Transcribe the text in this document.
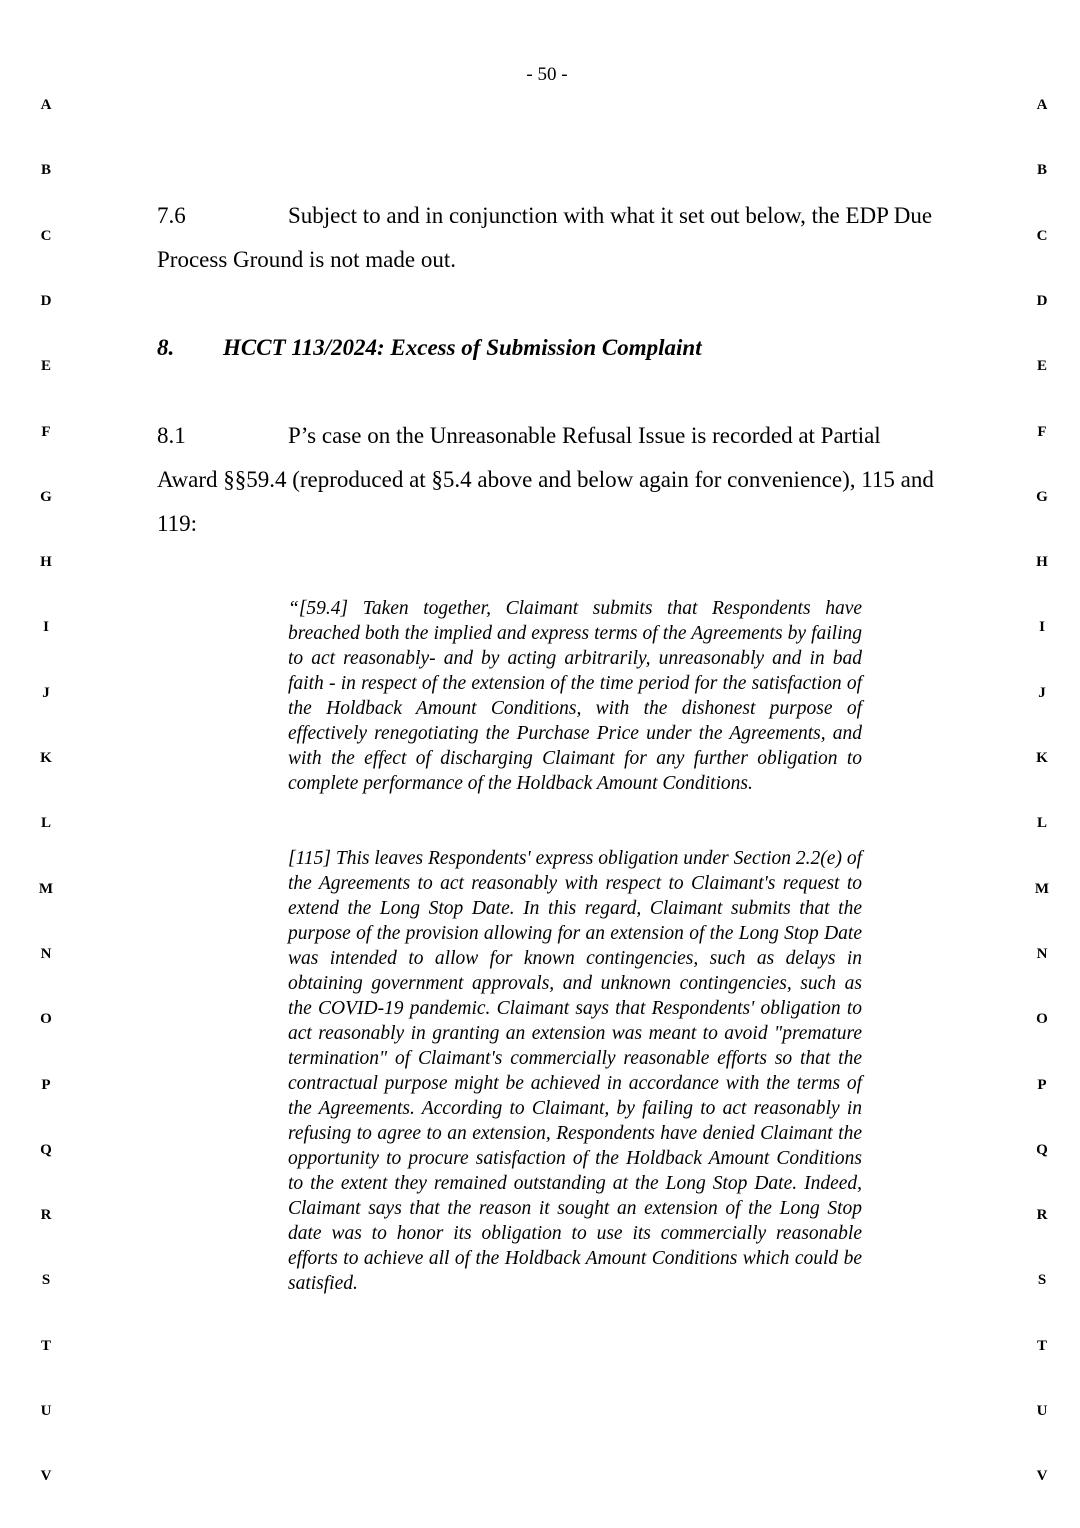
- 50 -

A
B
C
D
E
F
G
H
I
J
K
L
M
N
O
P
Q
R
S
T
U
V
A
B
C
D
E
F
G
H
I
J
K
L
M
N
O
P
Q
R
S
T
U
V

7.6	Subject to and in conjunction with what it set out below, the EDP Due Process Ground is not made out.

8. HCCT 113/2024: Excess of Submission Complaint

8.1	P’s case on the Unreasonable Refusal Issue is recorded at Partial Award §§59.4 (reproduced at §5.4 above and below again for convenience), 115 and 119:

“[59.4] Taken together, Claimant submits that Respondents have breached both the implied and express terms of the Agreements by failing to act reasonably- and by acting arbitrarily, unreasonably and in bad faith - in respect of the extension of the time period for the satisfaction of the Holdback Amount Conditions, with the dishonest purpose of effectively renegotiating the Purchase Price under the Agreements, and with the effect of discharging Claimant for any further obligation to complete performance of the Holdback Amount Conditions.

[115] This leaves Respondents' express obligation under Section 2.2(e) of the Agreements to act reasonably with respect to Claimant's request to extend the Long Stop Date. In this regard, Claimant submits that the purpose of the provision allowing for an extension of the Long Stop Date was intended to allow for known contingencies, such as delays in obtaining government approvals, and unknown contingencies, such as the COVID-19 pandemic. Claimant says that Respondents' obligation to act reasonably in granting an extension was meant to avoid "premature termination" of Claimant's commercially reasonable efforts so that the contractual purpose might be achieved in accordance with the terms of the Agreements. According to Claimant, by failing to act reasonably in refusing to agree to an extension, Respondents have denied Claimant the opportunity to procure satisfaction of the Holdback Amount Conditions to the extent they remained outstanding at the Long Stop Date. Indeed, Claimant says that the reason it sought an extension of the Long Stop date was to honor its obligation to use its commercially reasonable efforts to achieve all of the Holdback Amount Conditions which could be satisfied.
